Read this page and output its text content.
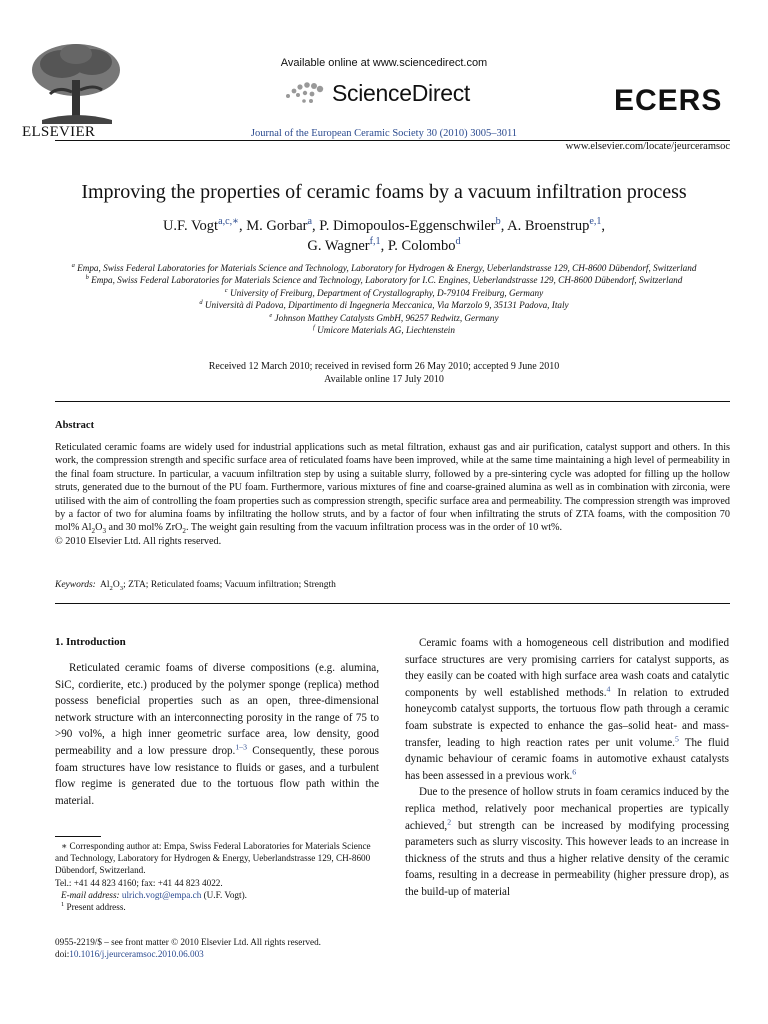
ELSEVIER
Available online at www.sciencedirect.com
ScienceDirect
Journal of the European Ceramic Society 30 (2010) 3005–3011
ECERS
www.elsevier.com/locate/jeurceramsoc
Improving the properties of ceramic foams by a vacuum infiltration process
U.F. Vogt$^{a,c,∗}$, M. Gorbar$^a$, P. Dimopoulos-Eggenschwiler$^b$, A. Broenstrup$^{e,1}$,
G. Wagner$^{f,1}$, P. Colombo$^d$
$^a$ Empa, Swiss Federal Laboratories for Materials Science and Technology, Laboratory for Hydrogen & Energy, Ueberlandstrasse 129, CH-8600 Dübendorf, Switzerland
$^b$ Empa, Swiss Federal Laboratories for Materials Science and Technology, Laboratory for I.C. Engines, Ueberlandstrasse 129, CH-8600 Dübendorf, Switzerland
$^c$ University of Freiburg, Department of Crystallography, D-79104 Freiburg, Germany
$^d$ Università di Padova, Dipartimento di Ingegneria Meccanica, Via Marzolo 9, 35131 Padova, Italy
$^e$ Johnson Matthey Catalysts GmbH, 96257 Redwitz, Germany
$^f$ Umicore Materials AG, Liechtenstein
Received 12 March 2010; received in revised form 26 May 2010; accepted 9 June 2010
Available online 17 July 2010
Abstract
Reticulated ceramic foams are widely used for industrial applications such as metal filtration, exhaust gas and air purification, catalyst support and others. In this work, the compression strength and specific surface area of reticulated foams have been improved, while at the same time maintaining a high level of permeability in the final foam structure. In particular, a vacuum infiltration step by using a suitable slurry, followed by a pre-sintering cycle was adopted for filling up the hollow struts, generated due to the burnout of the PU foam. Furthermore, various mixtures of fine and coarse-grained alumina as well as in combination with zirconia, were utilised with the aim of controlling the foam properties such as compression strength, specific surface area and permeability. The compression strength was improved by a factor of two for alumina foams by infiltrating the hollow struts, and by a factor of four when infiltrating the struts of ZTA foams, with the composition 70 mol% $Al_2O_3$ and 30 mol% ZrO$_2$. The weight gain resulting from the vacuum infiltration process was in the order of 10 wt%.
© 2010 Elsevier Ltd. All rights reserved.
Keywords: $Al_2O_3$; ZTA; Reticulated foams; Vacuum infiltration; Strength
1. Introduction

Reticulated ceramic foams of diverse compositions (e.g. alumina, SiC, cordierite, etc.) produced by the polymer sponge (replica) method possess beneficial properties such as an open, three-dimensional network structure with an interconnecting porosity in the range of 75 to >90 vol%, a high inner geometric surface area, low density, good permeability and a low pressure drop.$^{1-3}$ Consequently, these porous foam structures have low resistance to fluids or gases, and a turbulent flow regime is generated due to the tortuous flow path within the material.

Ceramic foams with a homogeneous cell distribution and modified surface structures are very promising carriers for catalyst supports, as they easily can be coated with high surface area wash coats and catalytic components by well established methods.$^4$ In relation to extruded honeycomb catalyst supports, the tortuous flow path through a ceramic foam substrate is expected to enhance the gas–solid heat- and mass-transfer, leading to high reaction rates per unit volume.$^5$ The fluid dynamic behaviour of ceramic foams in automotive exhaust catalysts has been assessed in a previous work.$^6$

Due to the presence of hollow struts in foam ceramics induced by the replica method, relatively poor mechanical properties are typically achieved,$^2$ but strength can be increased by modifying processing parameters such as slurry viscosity. This however leads to an increase in thickness of the struts and thus a higher relative density of the ceramic foams, resulting in a decrease in permeability (higher pressure drop), as the build-up of material

∗ Corresponding author at: Empa, Swiss Federal Laboratories for Materials Science and Technology, Laboratory for Hydrogen & Energy, Ueberlandstrasse 129, CH-8600 Dübendorf, Switzerland.
Tel.: +41 44 823 4160; fax: +41 44 823 4022.
E-mail address: ulrich.vogt@empa.ch (U.F. Vogt).
$^1$ Present address.
0955-2219/$ – see front matter © 2010 Elsevier Ltd. All rights reserved.
doi:10.1016/j.jeurceramsoc.2010.06.003
